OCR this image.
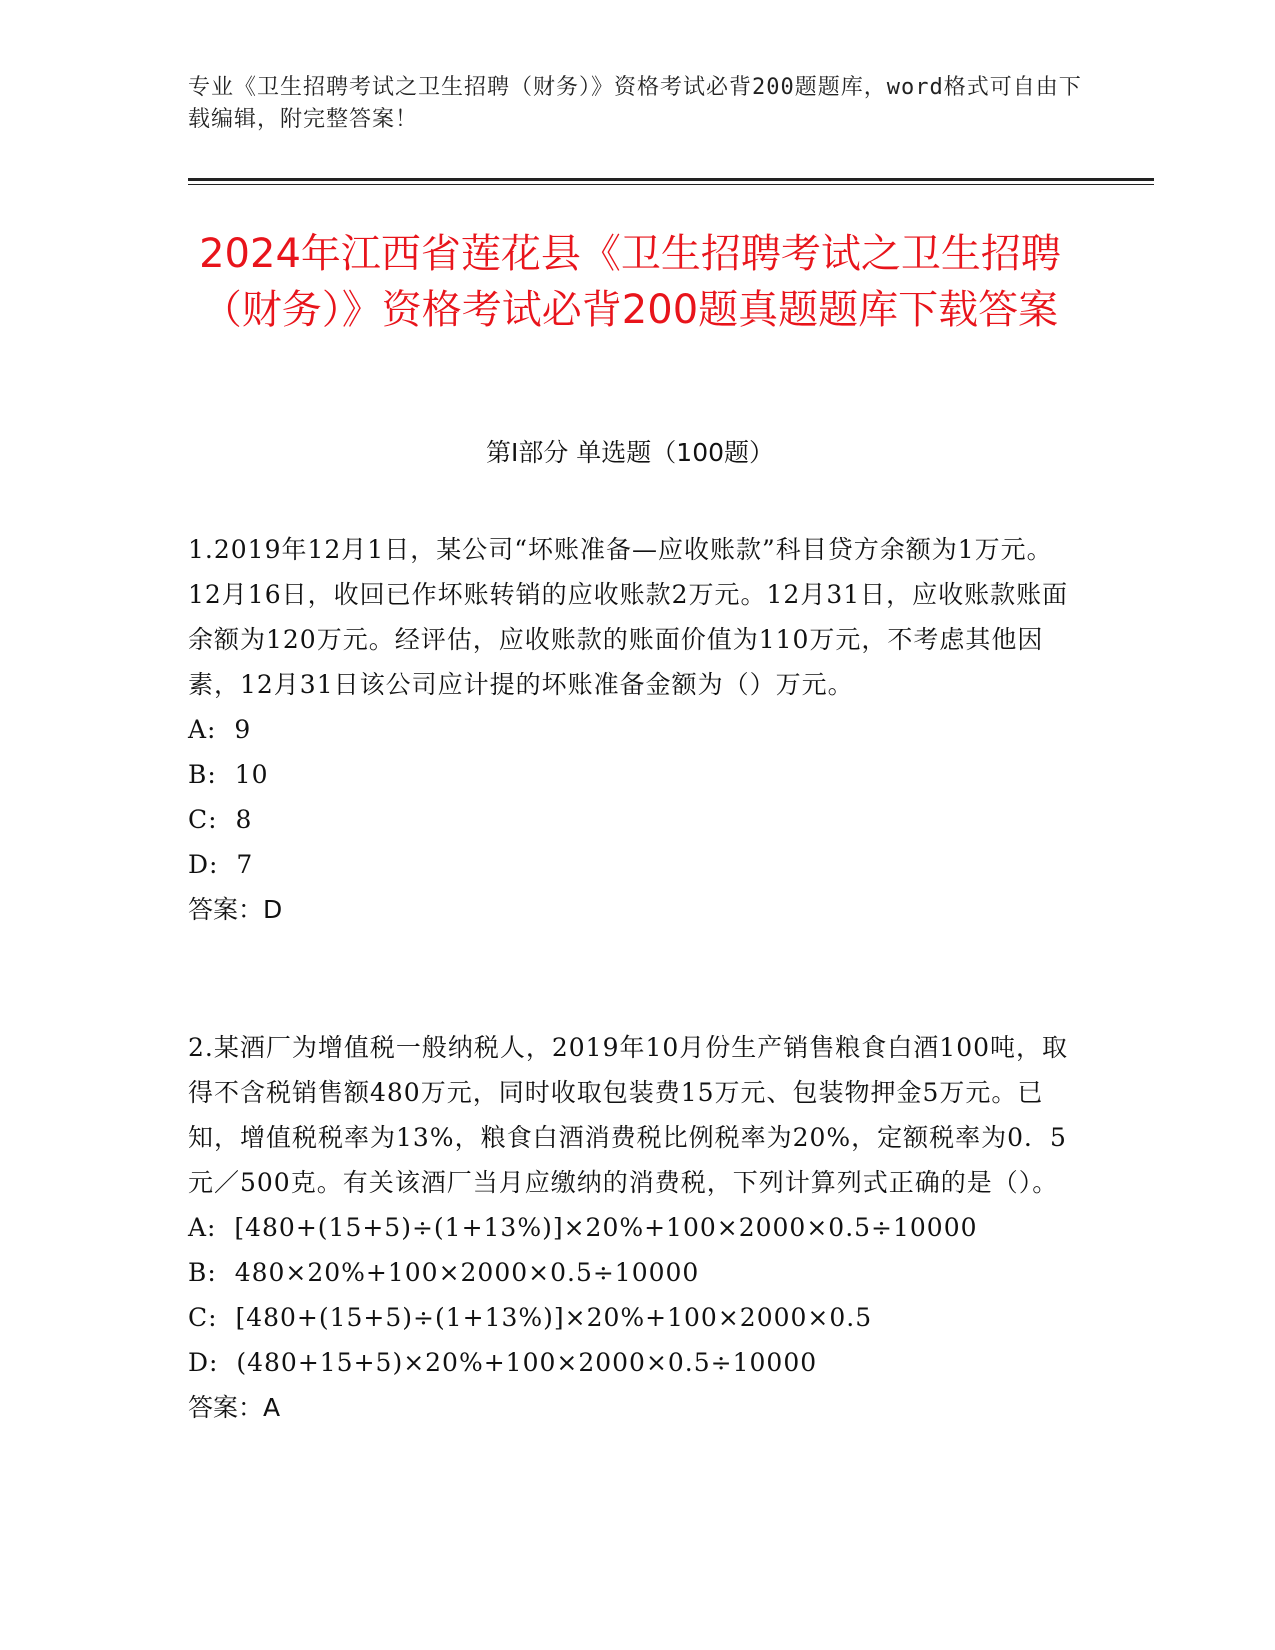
专业《卫生招聘考试之卫生招聘（财务）》资格考试必背200题题库，word格式可自由下载编辑，附完整答案！
2024年江西省莲花县《卫生招聘考试之卫生招聘（财务）》资格考试必背200题真题题库下载答案
第I部分 单选题（100题）

1.2019年12月1日，某公司“坏账准备—应收账款”科目贷方余额为1万元。12月16日，收回已作坏账转销的应收账款2万元。12月31日，应收账款账面余额为120万元。经评估，应收账款的账面价值为110万元，不考虑其他因素，12月31日该公司应计提的坏账准备金额为（）万元。

A:  9

B:  10

C:  8

D:  7

答案：D

2.某酒厂为增值税一般纳税人，2019年10月份生产销售粮食白酒100吨，取得不含税销售额480万元，同时收取包装费15万元、包装物押金5万元。已知，增值税税率为13%，粮食白酒消费税比例税率为20%，定额税率为0．5元／500克。有关该酒厂当月应缴纳的消费税，下列计算列式正确的是（）。

A:  [480+(15+5)÷(1+13%)]×20%+100×2000×0.5÷10000

B:  480×20%+100×2000×0.5÷10000

C:  [480+(15+5)÷(1+13%)]×20%+100×2000×0.5

D:  (480+15+5)×20%+100×2000×0.5÷10000

答案：A
